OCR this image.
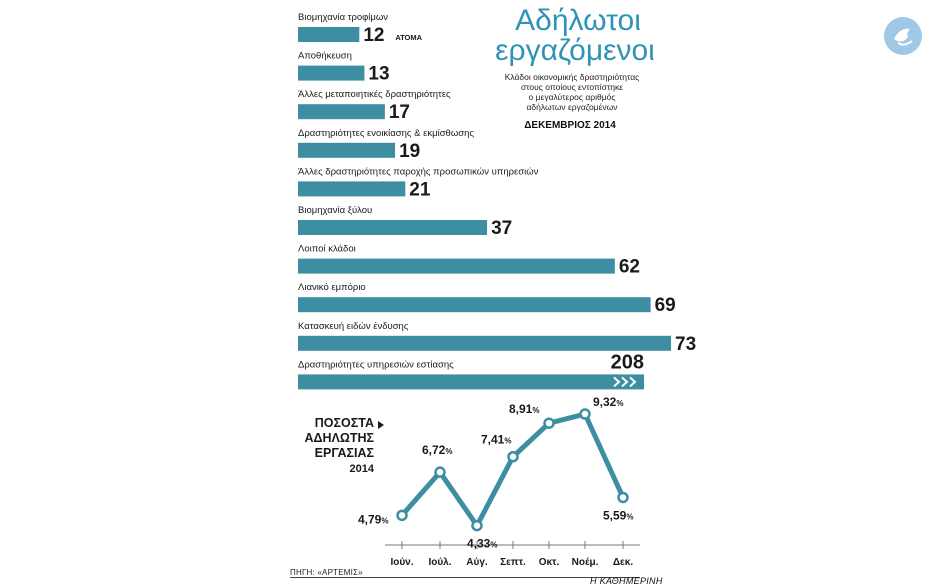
Αδήλωτοι
εργαζόμενοι
Κλάδοι οικονομικής δραστηριότητας
στους οποίους εντοπίστηκε
ο μεγαλύτερος αριθμός
αδήλωτων εργαζομένων
ΔΕΚΕΜΒΡΙΟΣ 2014
Βιομηχανία τροφίμων
12 ΑΤΟΜΑ
Αποθήκευση
13
Άλλες μεταποιητικές δραστηριότητες
17
Δραστηριότητες ενοικίασης & εκμίσθωσης
19
Άλλες δραστηριότητες παροχής προσωπικών υπηρεσιών
21
Βιομηχανία ξύλου
37
Λοιποί κλάδοι
62
Λιανικό εμπόριο
69
Κατασκευή ειδών ένδυσης
73
Δραστηριότητες υπηρεσιών εστίασης	208
ΠΟΣΟΣΤΑ
ΑΔΗΛΩΤΗΣ
ΕΡΓΑΣΙΑΣ
2014
4,79%
6,72%
4,33%
7,41%
8,91%
9,32%
5,59%
Ιούν. Ιούλ. Αύγ. Σεπτ. Οκτ. Νοέμ. Δεκ.
ΠΗΓΗ: «ΑΡΤΕΜΙΣ»
Η ΚΑΘΗΜΕΡΙΝΗ
